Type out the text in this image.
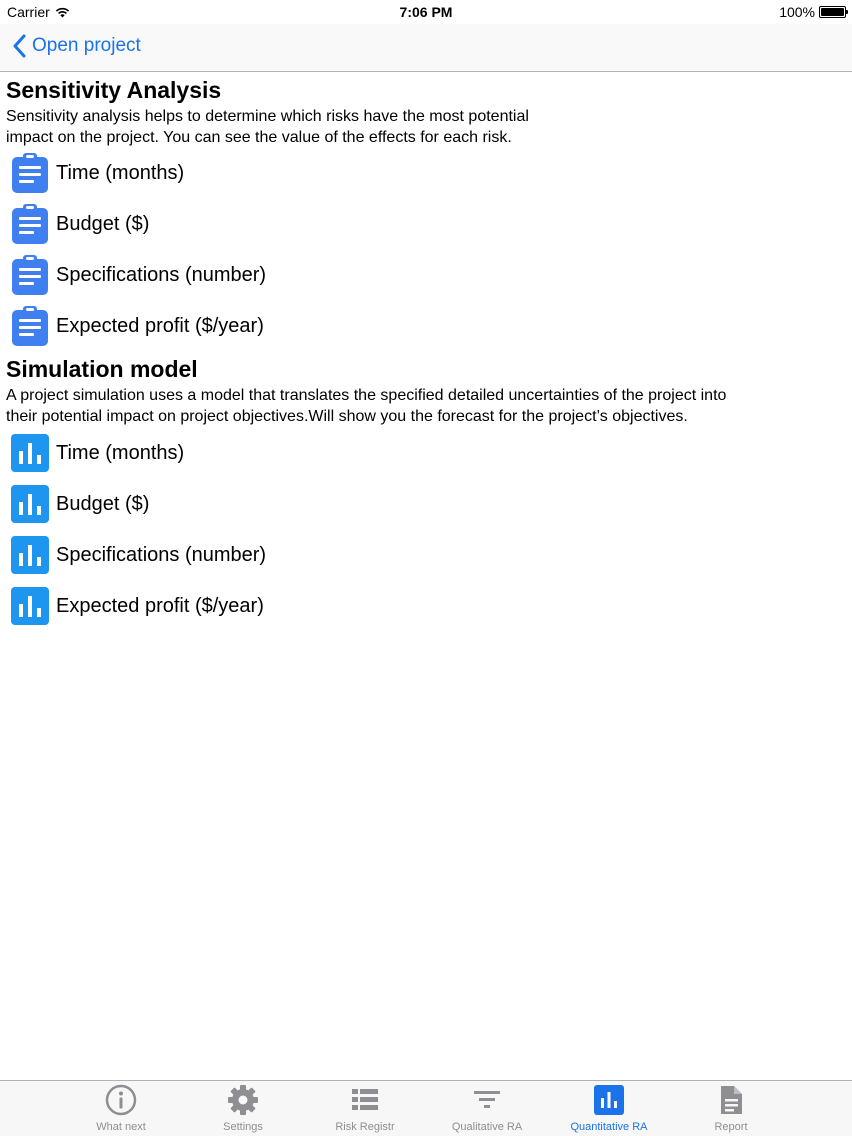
Carrier	7:06 PM	100%
Open project
Sensitivity Analysis
Sensitivity analysis helps to determine which risks have the most potential
impact on the project. You can see the value of the effects for each risk.
Time (months)
Budget ($)
Specifications (number)
Expected profit ($/year)
Simulation model
A project simulation uses a model that translates the specified detailed uncertainties of the project into
their potential impact on project objectives.Will show you the forecast for the project’s objectives.
Time (months)
Budget ($)
Specifications (number)
Expected profit ($/year)
What next	Settings	Risk Registr	Qualitative RA	Quantitative RA	Report
